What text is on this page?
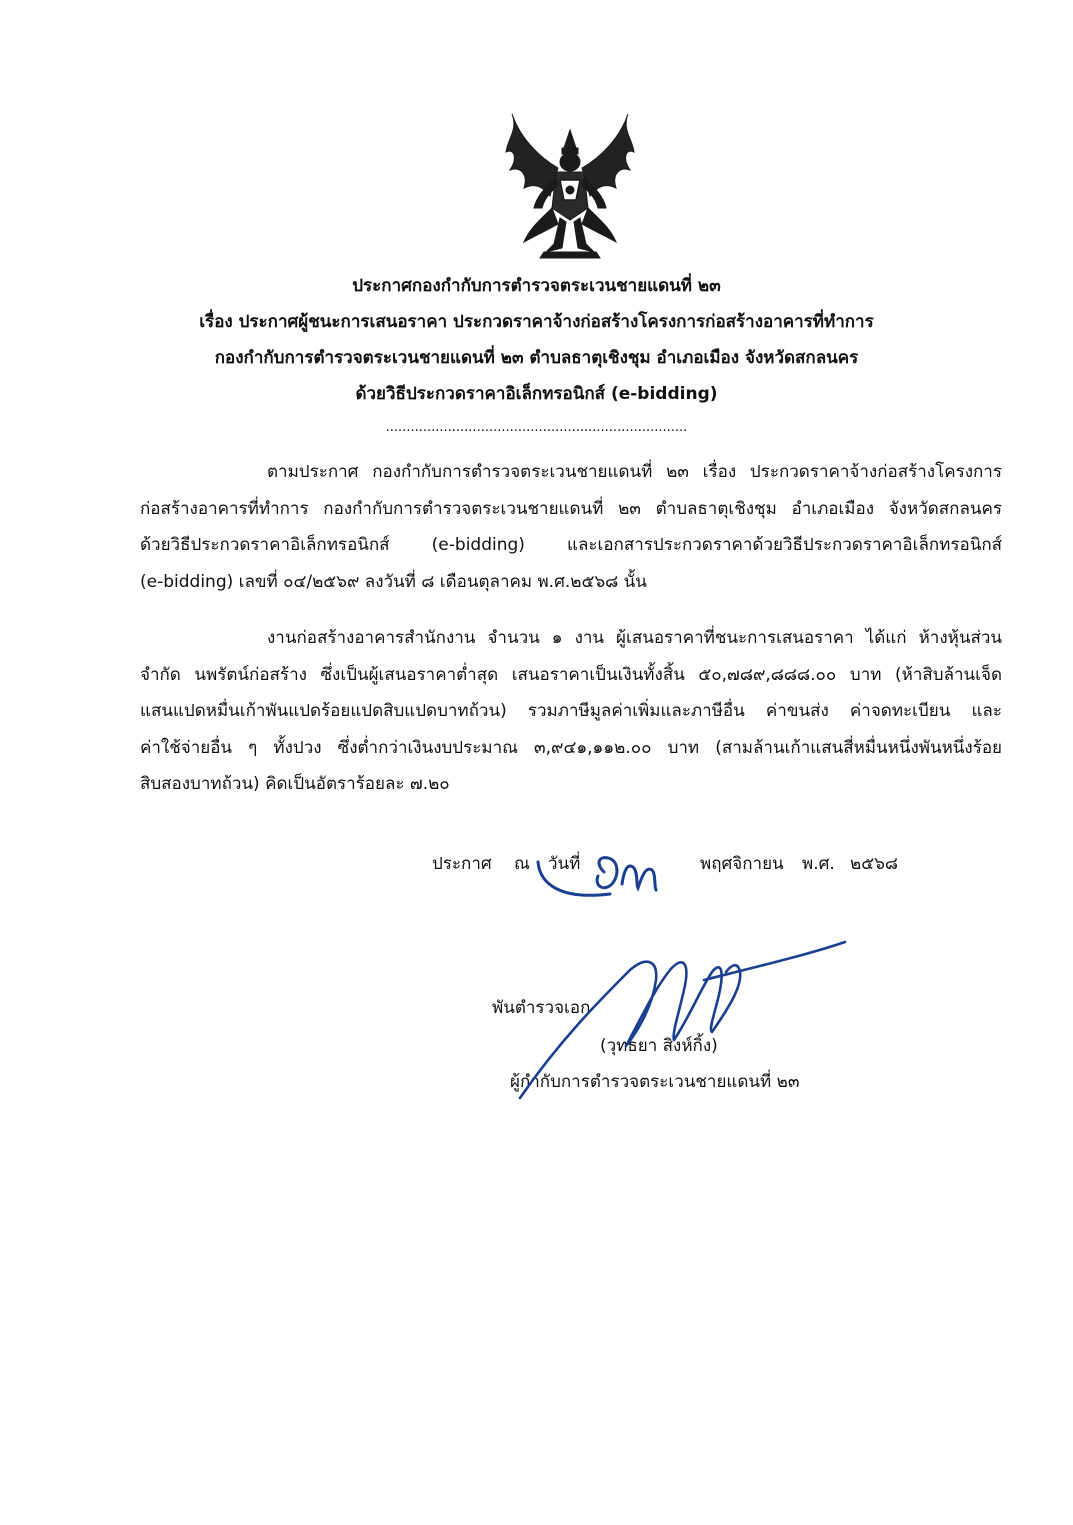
ประกาศกองกำกับการตำรวจตระเวนชายแดนที่ ๒๓
เรื่อง ประกาศผู้ชนะการเสนอราคา ประกวดราคาจ้างก่อสร้างโครงการก่อสร้างอาคารที่ทำการ
กองกำกับการตำรวจตระเวนชายแดนที่ ๒๓ ตำบลธาตุเชิงชุม อำเภอเมือง จังหวัดสกลนคร
ด้วยวิธีประกวดราคาอิเล็กทรอนิกส์ (e-bidding)
.........................................................................
ตามประกาศ กองกำกับการตำรวจตระเวนชายแดนที่ ๒๓ เรื่อง ประกวดราคาจ้างก่อสร้างโครงการ
ก่อสร้างอาคารที่ทำการ กองกำกับการตำรวจตระเวนชายแดนที่ ๒๓ ตำบลธาตุเชิงชุม อำเภอเมือง จังหวัดสกลนคร
ด้วยวิธีประกวดราคาอิเล็กทรอนิกส์ (e-bidding) และเอกสารประกวดราคาด้วยวิธีประกวดราคาอิเล็กทรอนิกส์
(e-bidding) เลขที่ ๐๔/๒๕๖๙ ลงวันที่ ๘ เดือนตุลาคม พ.ศ.๒๕๖๘ นั้น
งานก่อสร้างอาคารสำนักงาน จำนวน ๑ งาน ผู้เสนอราคาที่ชนะการเสนอราคา ได้แก่ ห้างหุ้นส่วน
จำกัด นพรัตน์ก่อสร้าง ซึ่งเป็นผู้เสนอราคาต่ำสุด เสนอราคาเป็นเงินทั้งสิ้น ๕๐,๗๘๙,๘๘๘.๐๐ บาท (ห้าสิบล้านเจ็ด
แสนแปดหมื่นเก้าพันแปดร้อยแปดสิบแปดบาทถ้วน) รวมภาษีมูลค่าเพิ่มและภาษีอื่น ค่าขนส่ง ค่าจดทะเบียน และ
ค่าใช้จ่ายอื่น ๆ ทั้งปวง ซึ่งต่ำกว่าเงินงบประมาณ ๓,๙๔๑,๑๑๒.๐๐ บาท (สามล้านเก้าแสนสี่หมื่นหนึ่งพันหนึ่งร้อย
สิบสองบาทถ้วน) คิดเป็นอัตราร้อยละ ๗.๒๐
ประกาศ ณ วันที่	พฤศจิกายน พ.ศ. ๒๕๖๘
พันตำรวจเอก
(วุทธยา สิงห์กิ้ง)
ผู้กำกับการตำรวจตระเวนชายแดนที่ ๒๓
